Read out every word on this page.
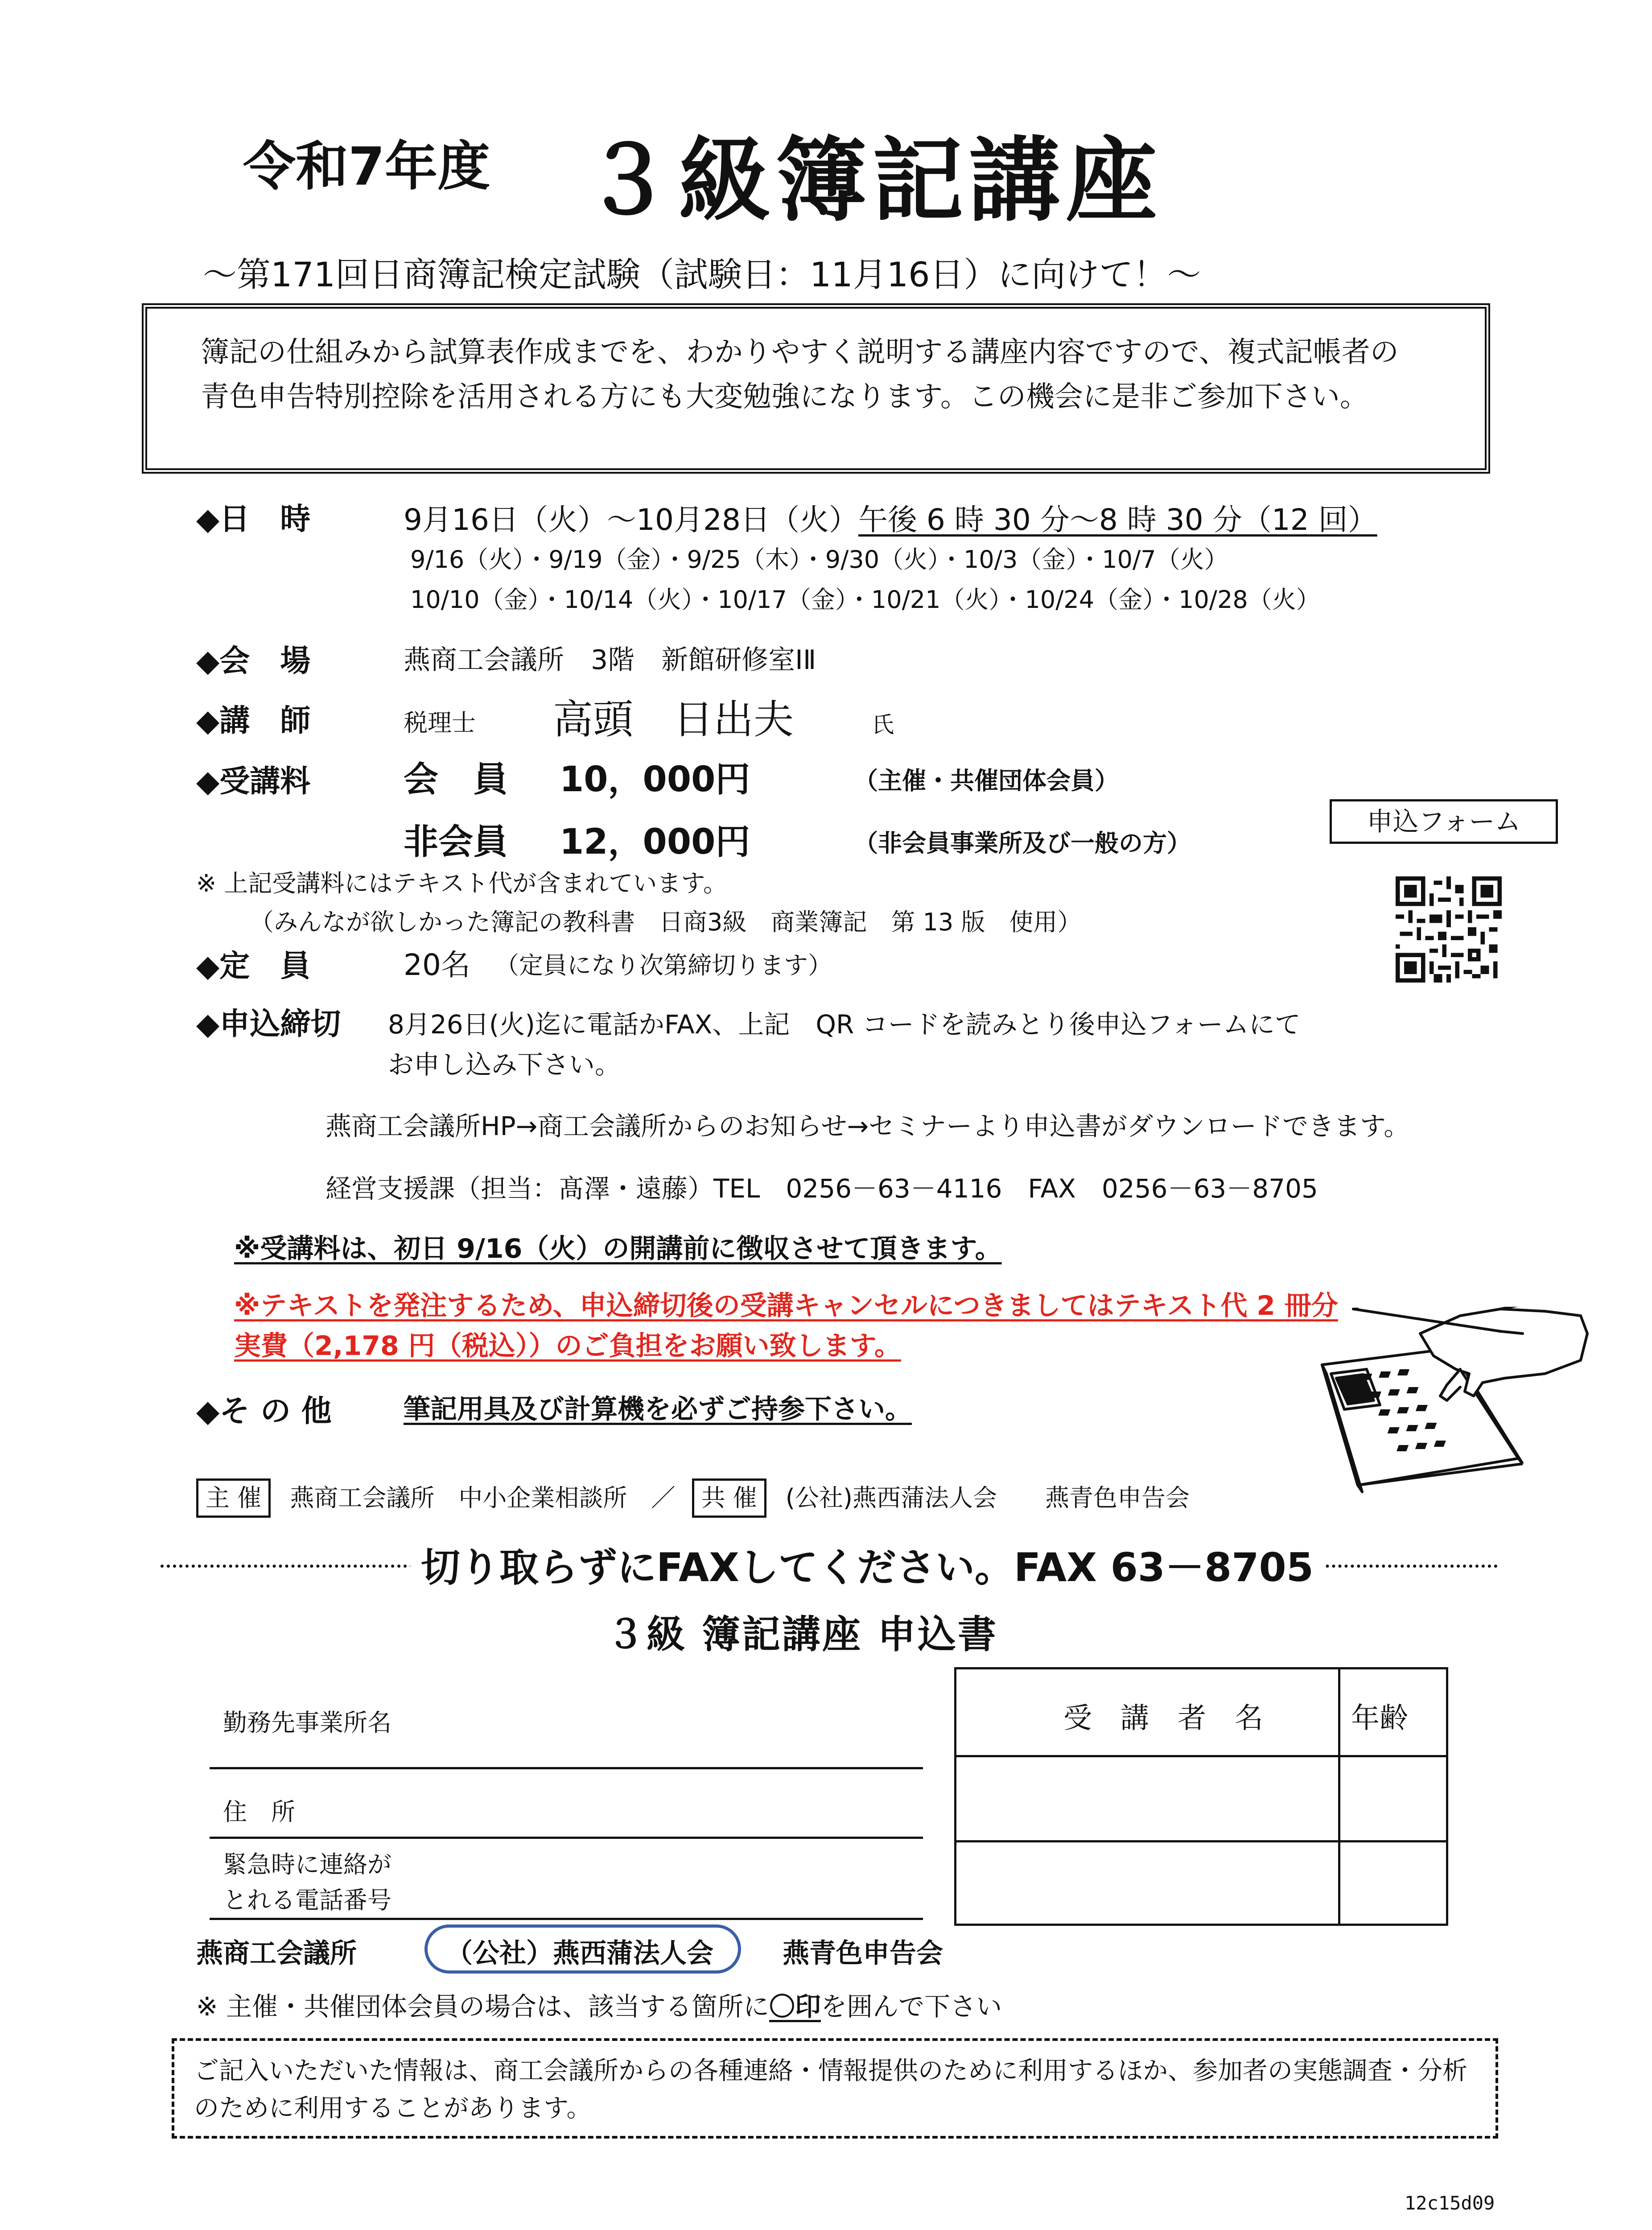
令和7年度 ３級簿記講座
～第171回日商簿記検定試験（試験日：11月16日）に向けて！～
簿記の仕組みから試算表作成までを、わかりやすく説明する講座内容ですので、複式記帳者の青色申告特別控除を活用される方にも大変勉強になります。この機会に是非ご参加下さい。
◆日　時	9月16日（火）～10月28日（火）午後 6 時 30 分～8 時 30 分（12 回）
9/16（火）・9/19（金）・9/25（木）・9/30（火）・10/3（金）・10/7（火）
10/10（金）・10/14（火）・10/17（金）・10/21（火）・10/24（金）・10/28（火）
◆会　場	燕商工会議所　3階　新館研修室ⅠⅡ
◆講　師	税理士 高頭　日出夫	氏
◆受講料	会　員 10，000円	（主催・共催団体会員）
非会員 12，000円	（非会員事業所及び一般の方）
※ 上記受講料にはテキスト代が含まれています。
（みんなが欲しかった簿記の教科書　日商3級　商業簿記　第 13 版　使用）
申込フォーム
◆定　員	20名 （定員になり次第締切ります）
◆申込締切 8月26日(火)迄に電話かFAX、上記　QR コードを読みとり後申込フォームにて
お申し込み下さい。
燕商工会議所HP→商工会議所からのお知らせ→セミナーより申込書がダウンロードできます。
経営支援課（担当：髙澤・遠藤）TEL　0256－63－4116　FAX　0256－63－8705
※受講料は、初日 9/16（火）の開講前に徴収させて頂きます。
※テキストを発注するため、申込締切後の受講キャンセルにつきましてはテキスト代 2 冊分
実費（2,178 円（税込））のご負担をお願い致します。
◆そ の 他	筆記用具及び計算機を必ずご持参下さい。
主 催 燕商工会議所　中小企業相談所　／ 共 催 (公社)燕西蒲法人会　　燕青色申告会
切り取らずにFAXしてください。FAX 63－8705
３級 簿記講座 申込書
勤務先事業所名
住　所
緊急時に連絡が
とれる電話番号
受　講　者　名	年齢
燕商工会議所	（公社）燕西蒲法人会	燕青色申告会
※ 主催・共催団体会員の場合は、該当する箇所に〇印を囲んで下さい
ご記入いただいた情報は、商工会議所からの各種連絡・情報提供のために利用するほか、参加者の実態調査・分析のために利用することがあります。
12c15d09
